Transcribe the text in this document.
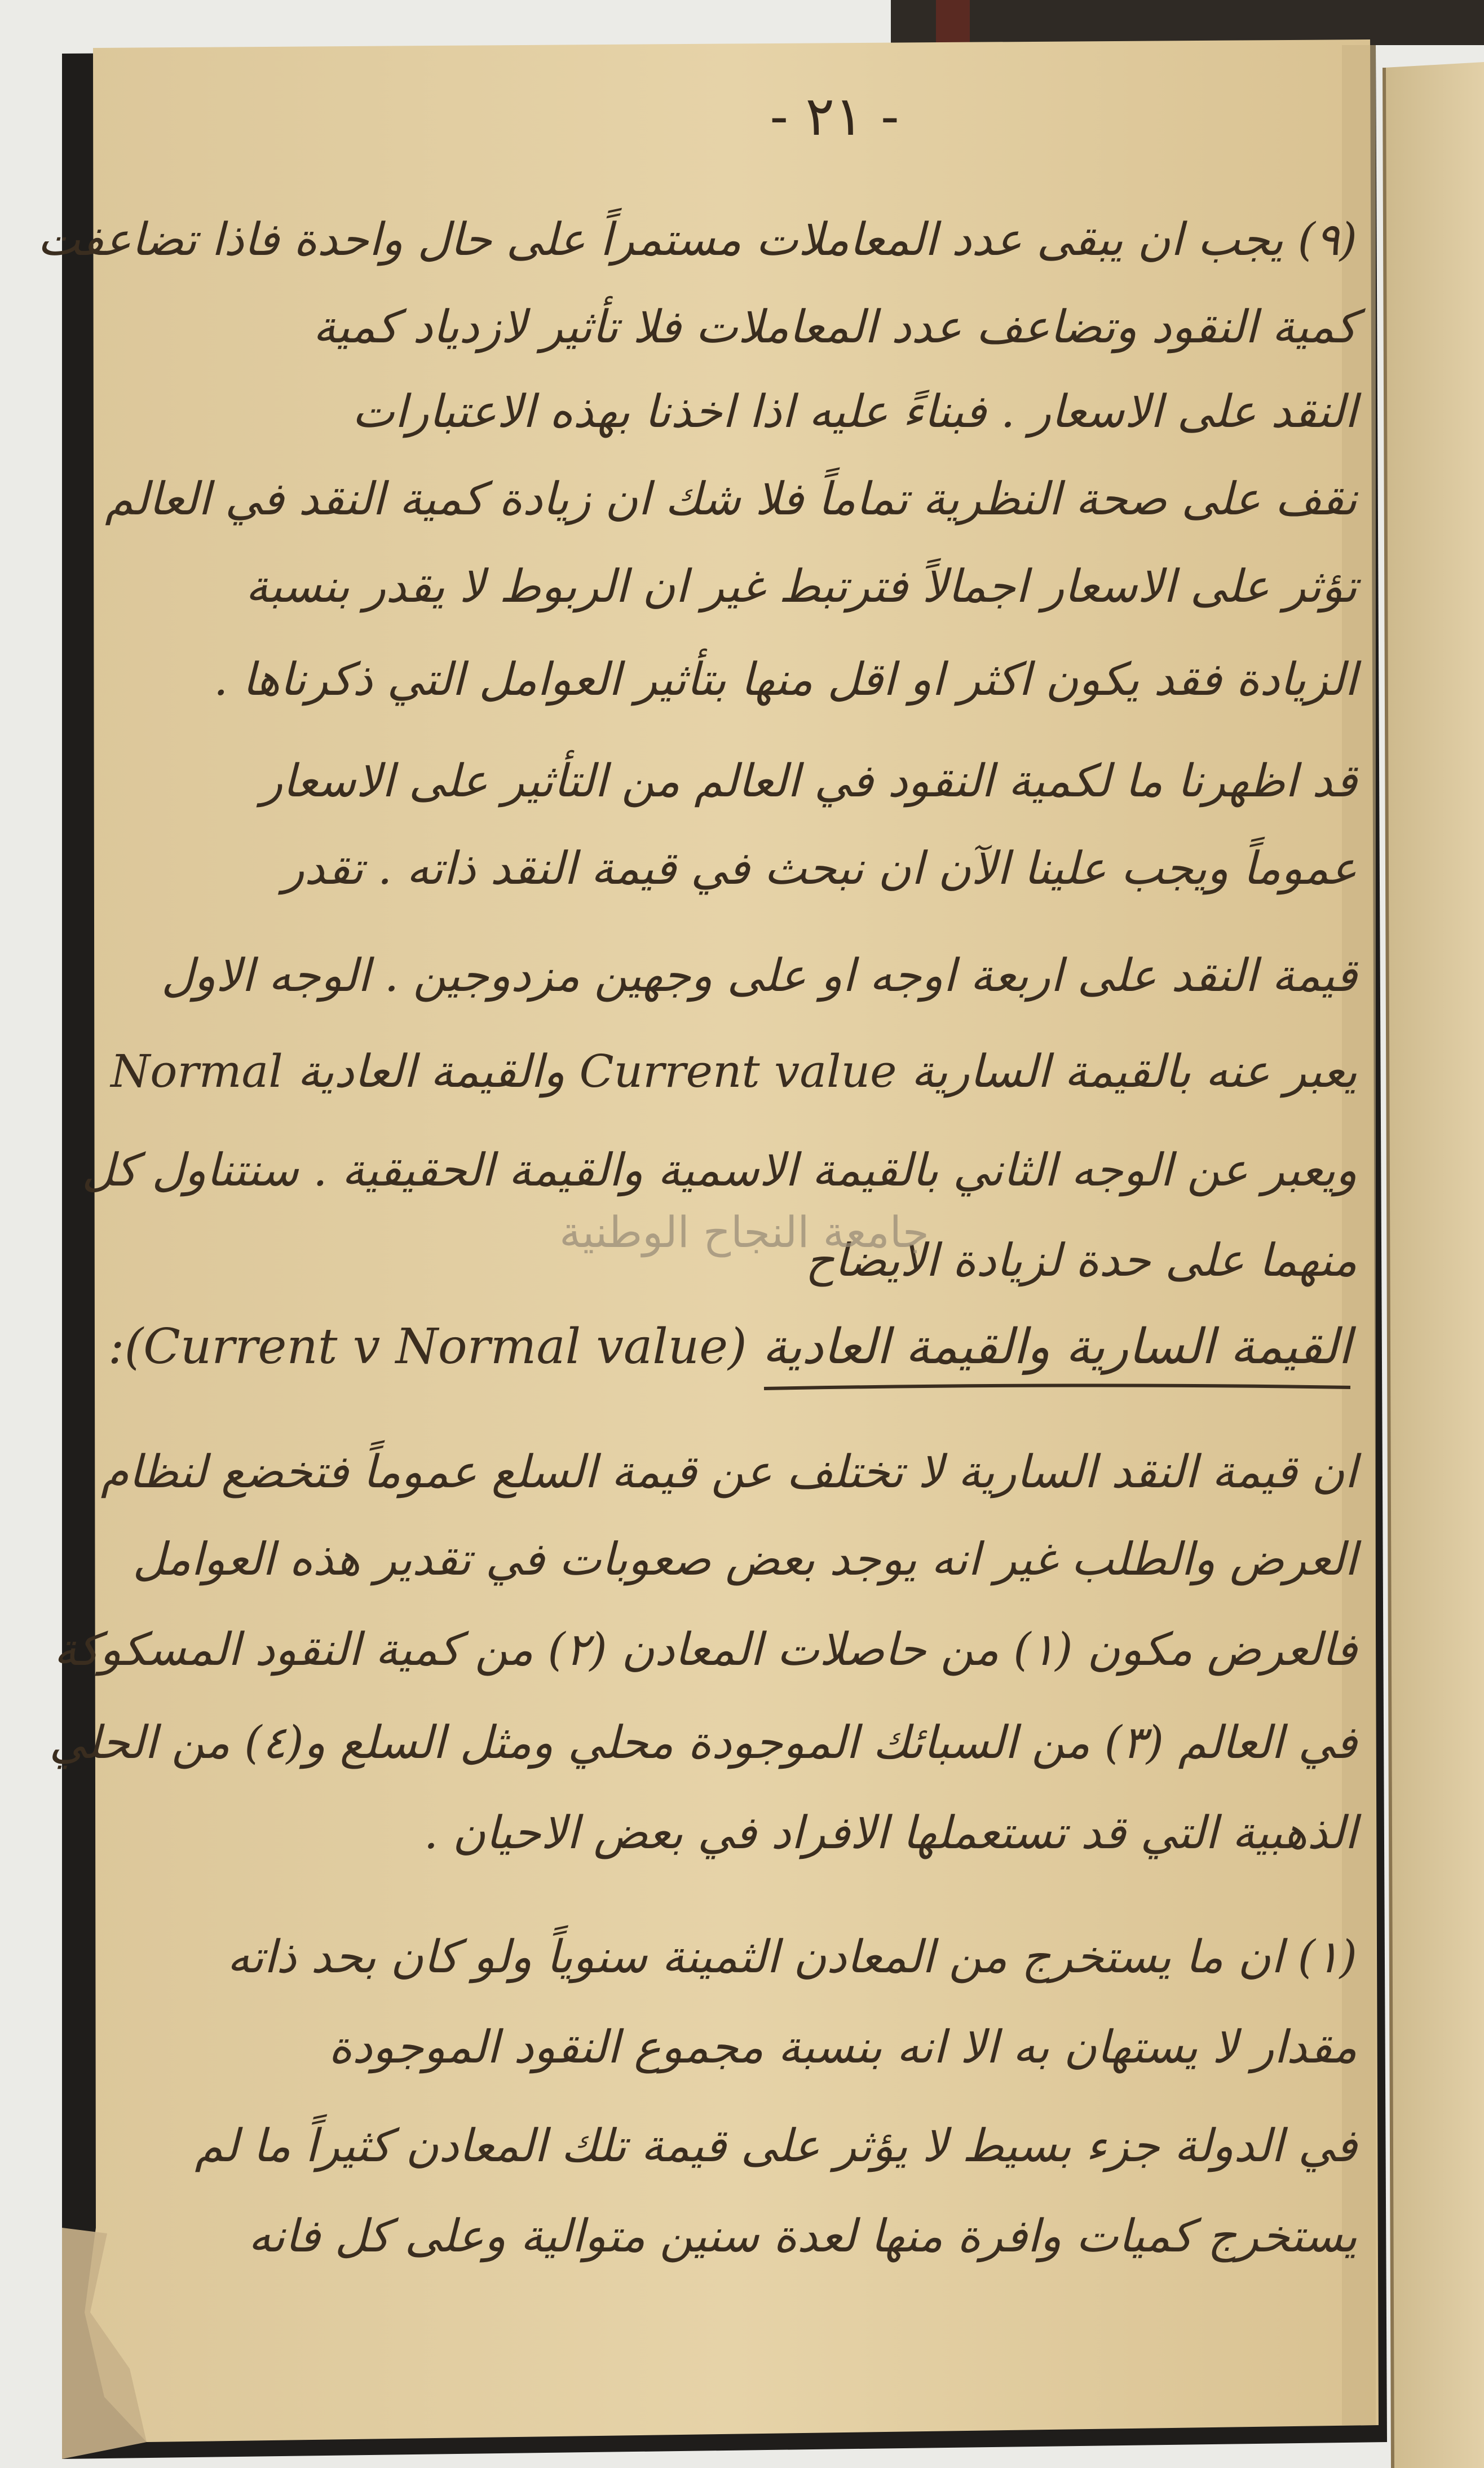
- ٢١ -
(٩) يجب ان يبقى عدد المعاملات مستمراً على حال واحدة فاذا تضاعفت
كمية النقود وتضاعف عدد المعاملات فلا تأثير لازدياد كمية
النقد على الاسعار . فبناءً عليه اذا اخذنا بهذه الاعتبارات
نقف على صحة النظرية تماماً فلا شك ان زيادة كمية النقد في العالم
تؤثر على الاسعار اجمالاً فترتبط غير ان الربوط لا يقدر بنسبة
الزيادة فقد يكون اكثر او اقل منها بتأثير العوامل التي ذكرناها .
قد اظهرنا ما لكمية النقود في العالم من التأثير على الاسعار
عموماً ويجب علينا الآن ان نبحث في قيمة النقد ذاته . تقدر
قيمة النقد على اربعة اوجه او على وجهين مزدوجين . الوجه الاول
يعبر عنه بالقيمة السارية Current value والقيمة العادية Normal
ويعبر عن الوجه الثاني بالقيمة الاسمية والقيمة الحقيقية . سنتناول كل
منهما على حدة لزيادة الايضاح
جامعة النجاح الوطنية
القيمة السارية والقيمة العادية (Current v Normal value):
ان قيمة النقد السارية لا تختلف عن قيمة السلع عموماً فتخضع لنظام
العرض والطلب غير انه يوجد بعض صعوبات في تقدير هذه العوامل
فالعرض مكون (١) من حاصلات المعادن (٢) من كمية النقود المسكوكة
في العالم (٣) من السبائك الموجودة محلي ومثل السلع و(٤) من الحلي
الذهبية التي قد تستعملها الافراد في بعض الاحيان .
(١) ان ما يستخرج من المعادن الثمينة سنوياً ولو كان بحد ذاته
مقدار لا يستهان به الا انه بنسبة مجموع النقود الموجودة
في الدولة جزء بسيط لا يؤثر على قيمة تلك المعادن كثيراً ما لم
يستخرج كميات وافرة منها لعدة سنين متوالية وعلى كل فانه
